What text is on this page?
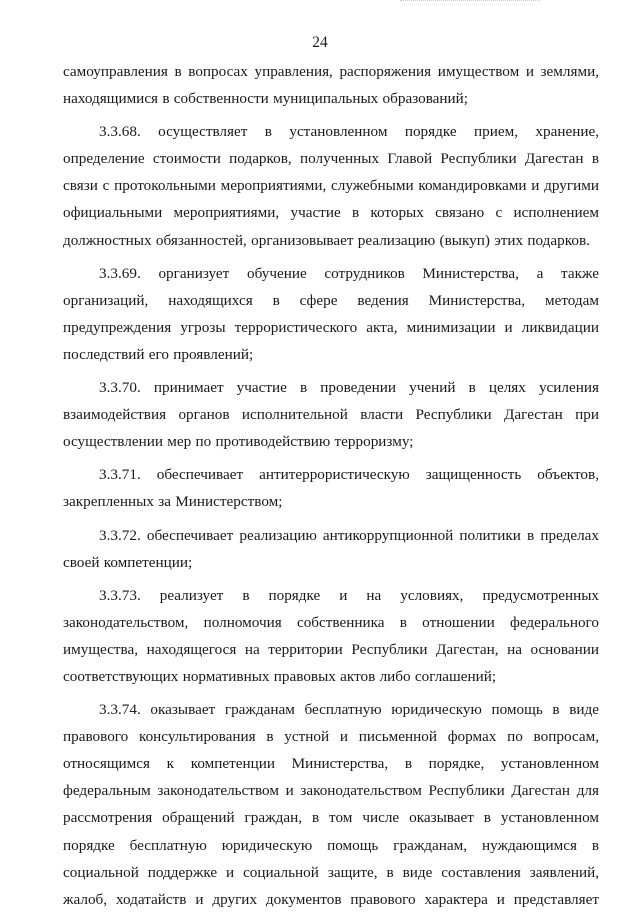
24

самоуправления в вопросах управления, распоряжения имуществом и землями, находящимися в собственности муниципальных образований;

3.3.68. осуществляет в установленном порядке прием, хранение, определение стоимости подарков, полученных Главой Республики Дагестан в связи с протокольными мероприятиями, служебными командировками и другими официальными мероприятиями, участие в которых связано с исполнением должностных обязанностей, организовывает реализацию (выкуп) этих подарков.

3.3.69. организует обучение сотрудников Министерства, а также организаций, находящихся в сфере ведения Министерства, методам предупреждения угрозы террористического акта, минимизации и ликвидации последствий его проявлений;

3.3.70. принимает участие в проведении учений в целях усиления взаимодействия органов исполнительной власти Республики Дагестан при осуществлении мер по противодействию терроризму;

3.3.71. обеспечивает антитеррористическую защищенность объектов, закрепленных за Министерством;

3.3.72. обеспечивает реализацию антикоррупционной политики в пределах своей компетенции;

3.3.73. реализует в порядке и на условиях, предусмотренных законодательством, полномочия собственника в отношении федерального имущества, находящегося на территории Республики Дагестан, на основании соответствующих нормативных правовых актов либо соглашений;

3.3.74. оказывает гражданам бесплатную юридическую помощь в виде правового консультирования в устной и письменной формах по вопросам, относящимся к компетенции Министерства, в порядке, установленном федеральным законодательством и законодательством Республики Дагестан для рассмотрения обращений граждан, в том числе оказывает в установленном порядке бесплатную юридическую помощь гражданам, нуждающимся в социальной поддержке и социальной защите, в виде составления заявлений, жалоб, ходатайств и других документов правового характера и представляет
